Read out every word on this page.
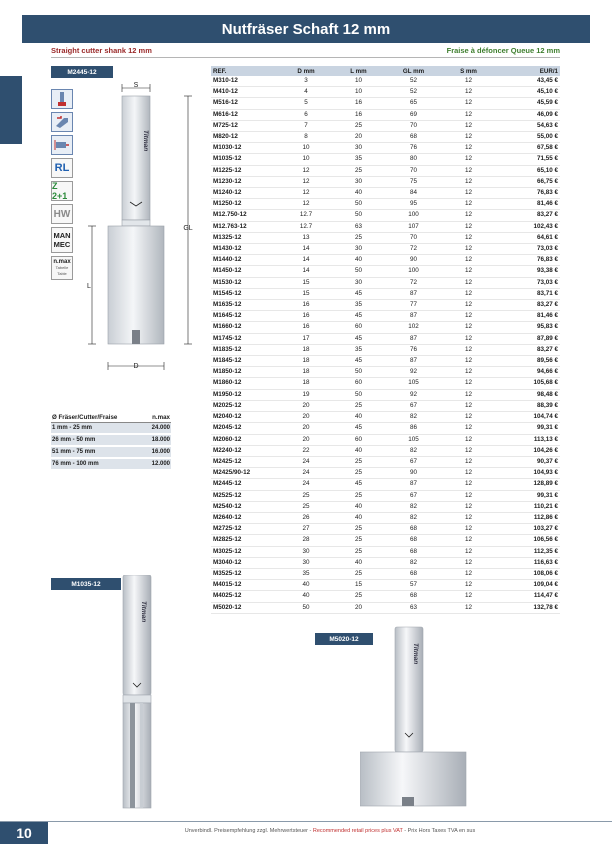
Nutfräser Schaft 12 mm
Straight cutter shank 12 mm	Fraise à défoncer Queue 12 mm
M2445-12
RL
Z 2+1
HW
MAN
MEC
n.max
Tabelle
Table
S
Titman
GL
L
D
REF.	D mm	L mm	GL mm	S mm	EUR/1
M310-12	3	10	52	12	43,45 €
M410-12	4	10	52	12	45,10 €
M516-12	5	16	65	12	45,59 €
M616-12	6	16	69	12	46,09 €
M725-12	7	25	70	12	54,63 €
M820-12	8	20	68	12	55,00 €
M1030-12	10	30	76	12	67,58 €
M1035-12	10	35	80	12	71,55 €
M1225-12	12	25	70	12	65,10 €
M1230-12	12	30	75	12	66,75 €
M1240-12	12	40	84	12	76,83 €
M1250-12	12	50	95	12	81,46 €
M12.750-12	12.7	50	100	12	83,27 €
M12.763-12	12.7	63	107	12	102,43 €
M1325-12	13	25	70	12	64,61 €
M1430-12	14	30	72	12	73,03 €
M1440-12	14	40	90	12	76,83 €
M1450-12	14	50	100	12	93,38 €
M1530-12	15	30	72	12	73,03 €
M1545-12	15	45	87	12	83,71 €
M1635-12	16	35	77	12	83,27 €
M1645-12	16	45	87	12	81,46 €
M1660-12	16	60	102	12	95,83 €
M1745-12	17	45	87	12	87,89 €
M1835-12	18	35	76	12	83,27 €
M1845-12	18	45	87	12	89,56 €
M1850-12	18	50	92	12	94,66 €
M1860-12	18	60	105	12	105,68 €
M1950-12	19	50	92	12	98,48 €
M2025-12	20	25	67	12	88,39 €
M2040-12	20	40	82	12	104,74 €
M2045-12	20	45	86	12	99,31 €
M2060-12	20	60	105	12	113,13 €
M2240-12	22	40	82	12	104,26 €
M2425-12	24	25	67	12	90,37 €
M2425/90-12	24	25	90	12	104,93 €
M2445-12	24	45	87	12	128,89 €
M2525-12	25	25	67	12	99,31 €
M2540-12	25	40	82	12	110,21 €
M2640-12	26	40	82	12	112,86 €
M2725-12	27	25	68	12	103,27 €
M2825-12	28	25	68	12	106,56 €
M3025-12	30	25	68	12	112,35 €
M3040-12	30	40	82	12	116,63 €
M3525-12	35	25	68	12	108,06 €
M4015-12	40	15	57	12	109,04 €
M4025-12	40	25	68	12	114,47 €
M5020-12	50	20	63	12	132,78 €
Ø Fräser/Cutter/Fraise	n.max
1 mm - 25 mm	24.000
26 mm - 50 mm	18.000
51 mm - 75 mm	16.000
76 mm - 100 mm	12.000
M1035-12
Titman
M5020-12
Titman
10	Unverbindl. Preisempfehlung zzgl. Mehrwertsteuer - Recommended retail prices plus VAT - Prix Hors Taxes TVA en sus
